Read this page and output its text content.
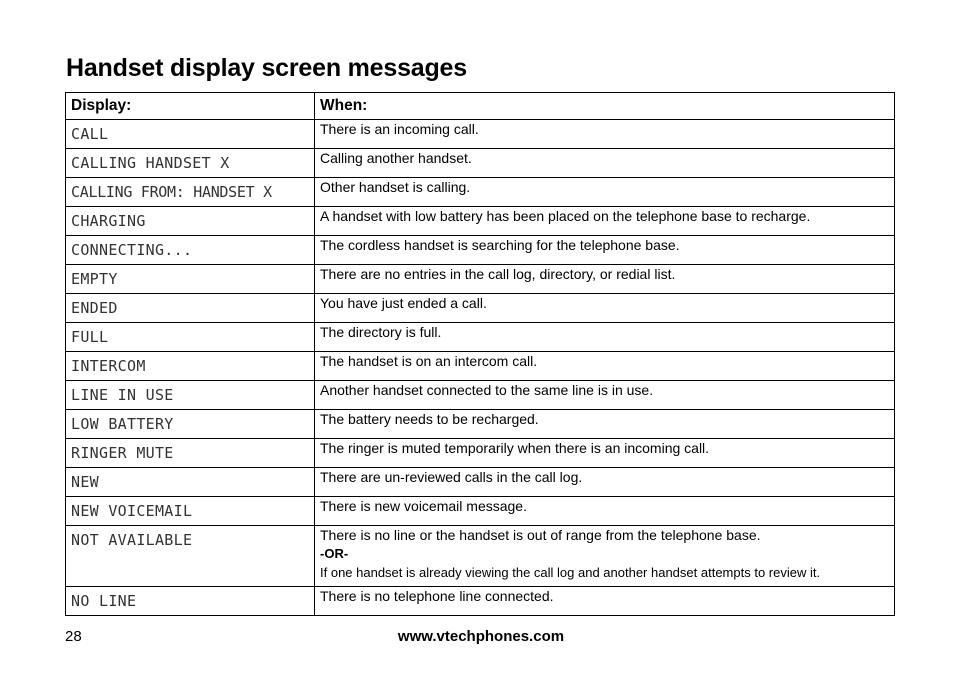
Handset display screen messages
Display:	When:
CALL	There is an incoming call.
CALLING HANDSET X	Calling another handset.
CALLING FROM: HANDSET X	Other handset is calling.
CHARGING	A handset with low battery has been placed on the telephone base to recharge.
CONNECTING...	The cordless handset is searching for the telephone base.
EMPTY	There are no entries in the call log, directory, or redial list.
ENDED	You have just ended a call.
FULL	The directory is full.
INTERCOM	The handset is on an intercom call.
LINE IN USE	Another handset connected to the same line is in use.
LOW BATTERY	The battery needs to be recharged.
RINGER MUTE	The ringer is muted temporarily when there is an incoming call.
NEW	There are un-reviewed calls in the call log.
NEW VOICEMAIL	There is new voicemail message.
NOT AVAILABLE	There is no line or the handset is out of range from the telephone base.
-OR-
If one handset is already viewing the call log and another handset attempts to review it.

NO LINE	There is no telephone line connected.
28	www.vtechphones.com
